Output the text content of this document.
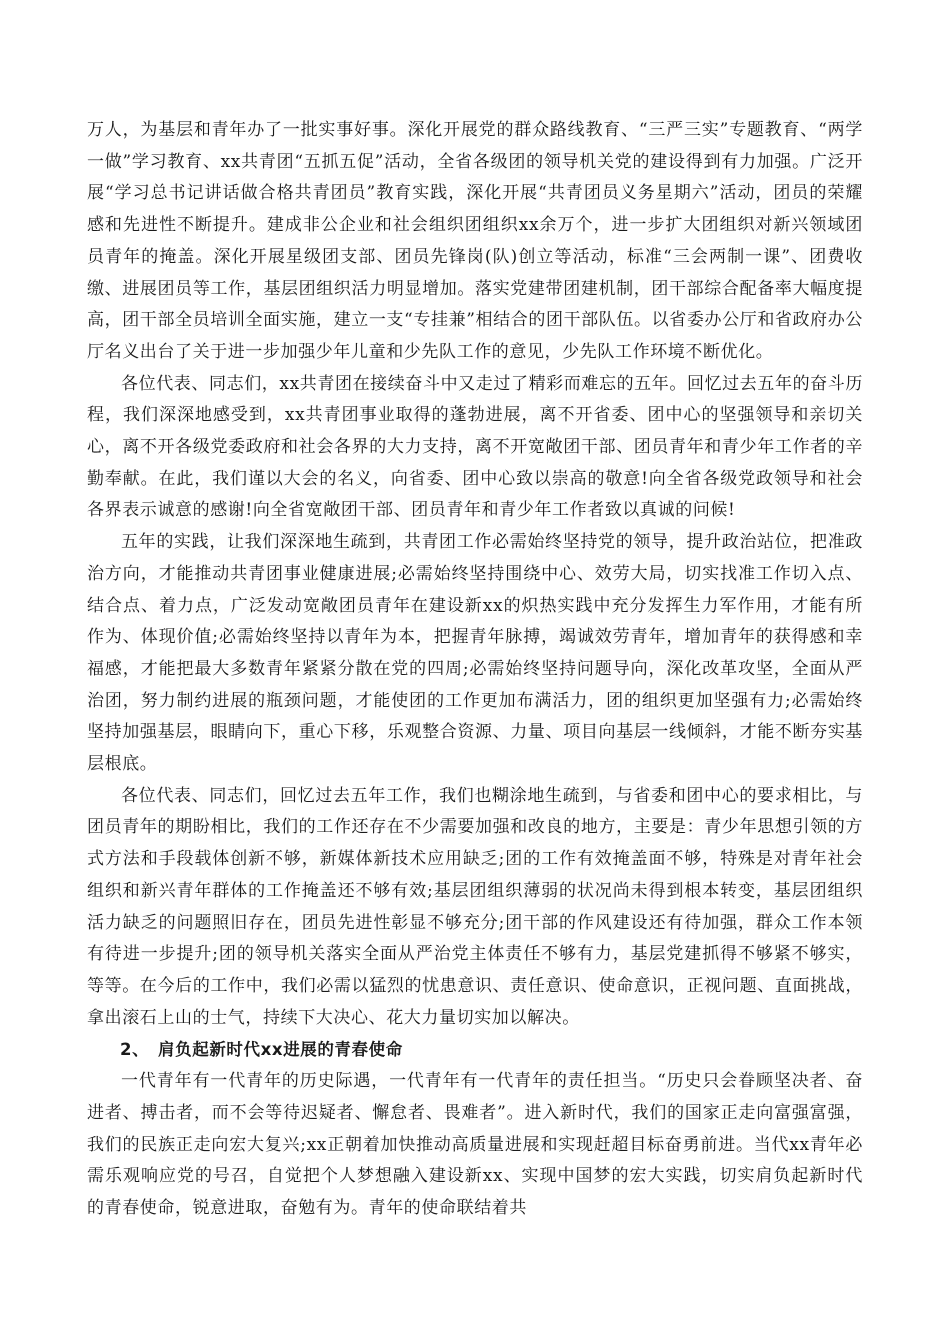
万人，为基层和青年办了一批实事好事。深化开展党的群众路线教育、“三严三实”专题教育、“两学一做”学习教育、xx共青团“五抓五促”活动，全省各级团的领导机关党的建设得到有力加强。广泛开展“学习总书记讲话做合格共青团员”教育实践，深化开展“共青团员义务星期六”活动，团员的荣耀感和先进性不断提升。建成非公企业和社会组织团组织xx余万个，进一步扩大团组织对新兴领域团员青年的掩盖。深化开展星级团支部、团员先锋岗(队)创立等活动，标准“三会两制一课”、团费收缴、进展团员等工作，基层团组织活力明显增加。落实党建带团建机制，团干部综合配备率大幅度提高，团干部全员培训全面实施，建立一支“专挂兼”相结合的团干部队伍。以省委办公厅和省政府办公厅名义出台了关于进一步加强少年儿童和少先队工作的意见，少先队工作环境不断优化。

各位代表、同志们，xx共青团在接续奋斗中又走过了精彩而难忘的五年。回忆过去五年的奋斗历程，我们深深地感受到，xx共青团事业取得的蓬勃进展，离不开省委、团中心的坚强领导和亲切关心，离不开各级党委政府和社会各界的大力支持，离不开宽敞团干部、团员青年和青少年工作者的辛勤奉献。在此，我们谨以大会的名义，向省委、团中心致以崇高的敬意!向全省各级党政领导和社会各界表示诚意的感谢!向全省宽敞团干部、团员青年和青少年工作者致以真诚的问候!

五年的实践，让我们深深地生疏到，共青团工作必需始终坚持党的领导，提升政治站位，把准政治方向，才能推动共青团事业健康进展;必需始终坚持围绕中心、效劳大局，切实找准工作切入点、结合点、着力点，广泛发动宽敞团员青年在建设新xx的炽热实践中充分发挥生力军作用，才能有所作为、体现价值;必需始终坚持以青年为本，把握青年脉搏，竭诚效劳青年，增加青年的获得感和幸福感，才能把最大多数青年紧紧分散在党的四周;必需始终坚持问题导向，深化改革攻坚，全面从严治团，努力制约进展的瓶颈问题，才能使团的工作更加布满活力，团的组织更加坚强有力;必需始终坚持加强基层，眼睛向下，重心下移，乐观整合资源、力量、项目向基层一线倾斜，才能不断夯实基层根底。

各位代表、同志们，回忆过去五年工作，我们也糊涂地生疏到，与省委和团中心的要求相比，与团员青年的期盼相比，我们的工作还存在不少需要加强和改良的地方，主要是：青少年思想引领的方式方法和手段载体创新不够，新媒体新技术应用缺乏;团的工作有效掩盖面不够，特殊是对青年社会组织和新兴青年群体的工作掩盖还不够有效;基层团组织薄弱的状况尚未得到根本转变，基层团组织活力缺乏的问题照旧存在，团员先进性彰显不够充分;团干部的作风建设还有待加强，群众工作本领有待进一步提升;团的领导机关落实全面从严治党主体责任不够有力，基层党建抓得不够紧不够实，等等。在今后的工作中，我们必需以猛烈的忧患意识、责任意识、使命意识，正视问题、直面挑战，拿出滚石上山的士气，持续下大决心、花大力量切实加以解决。

2、　肩负起新时代xx进展的青春使命

一代青年有一代青年的历史际遇，一代青年有一代青年的责任担当。“历史只会眷顾坚决者、奋进者、搏击者，而不会等待迟疑者、懈怠者、畏难者”。进入新时代，我们的国家正走向富强富强，我们的民族正走向宏大复兴;xx正朝着加快推动高质量进展和实现赶超目标奋勇前进。当代xx青年必需乐观响应党的号召，自觉把个人梦想融入建设新xx、实现中国梦的宏大实践，切实肩负起新时代的青春使命，锐意进取，奋勉有为。青年的使命联结着共
